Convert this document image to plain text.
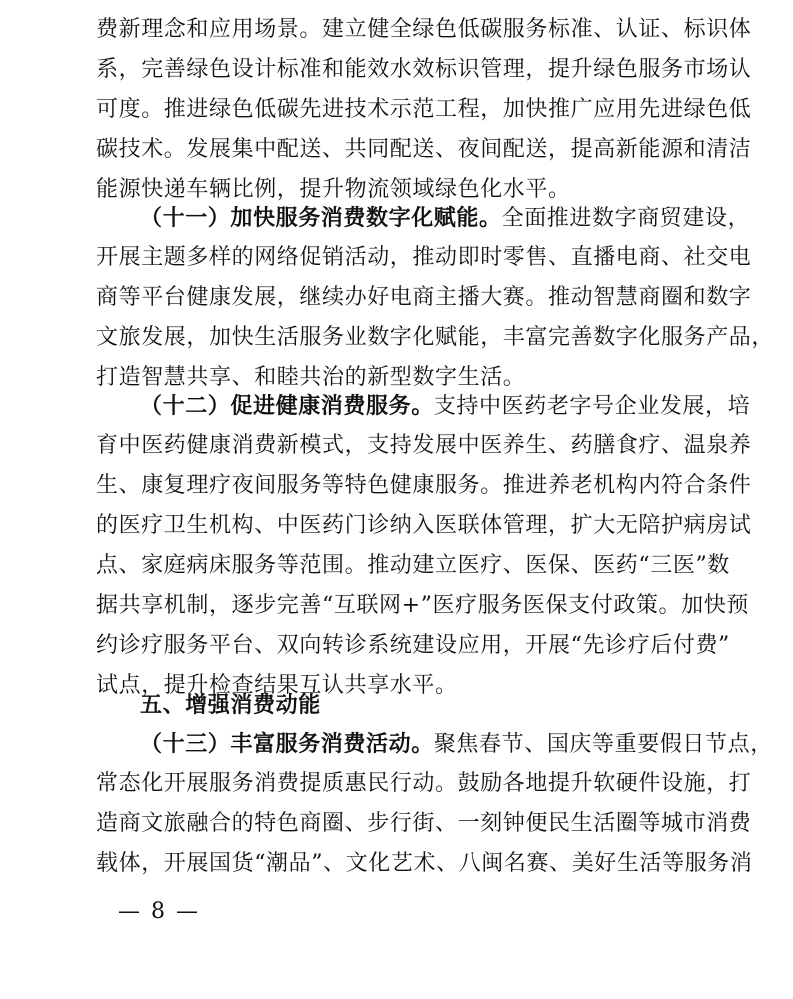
费新理念和应用场景。建立健全绿色低碳服务标准、认证、标识体
系，完善绿色设计标准和能效水效标识管理，提升绿色服务市场认
可度。推进绿色低碳先进技术示范工程，加快推广应用先进绿色低
碳技术。发展集中配送、共同配送、夜间配送，提高新能源和清洁
能源快递车辆比例，提升物流领域绿色化水平。
（十一）加快服务消费数字化赋能。全面推进数字商贸建设，
开展主题多样的网络促销活动，推动即时零售、直播电商、社交电
商等平台健康发展，继续办好电商主播大赛。推动智慧商圈和数字
文旅发展，加快生活服务业数字化赋能，丰富完善数字化服务产品，
打造智慧共享、和睦共治的新型数字生活。
（十二）促进健康消费服务。支持中医药老字号企业发展，培
育中医药健康消费新模式，支持发展中医养生、药膳食疗、温泉养
生、康复理疗夜间服务等特色健康服务。推进养老机构内符合条件
的医疗卫生机构、中医药门诊纳入医联体管理，扩大无陪护病房试
点、家庭病床服务等范围。推动建立医疗、医保、医药“三医”数
据共享机制，逐步完善“互联网+”医疗服务医保支付政策。加快预
约诊疗服务平台、双向转诊系统建设应用，开展“先诊疗后付费”
试点，提升检查结果互认共享水平。
五、增强消费动能
（十三）丰富服务消费活动。聚焦春节、国庆等重要假日节点，
常态化开展服务消费提质惠民行动。鼓励各地提升软硬件设施，打
造商文旅融合的特色商圈、步行街、一刻钟便民生活圈等城市消费
载体，开展国货“潮品”、文化艺术、八闽名赛、美好生活等服务消
— 8 —
